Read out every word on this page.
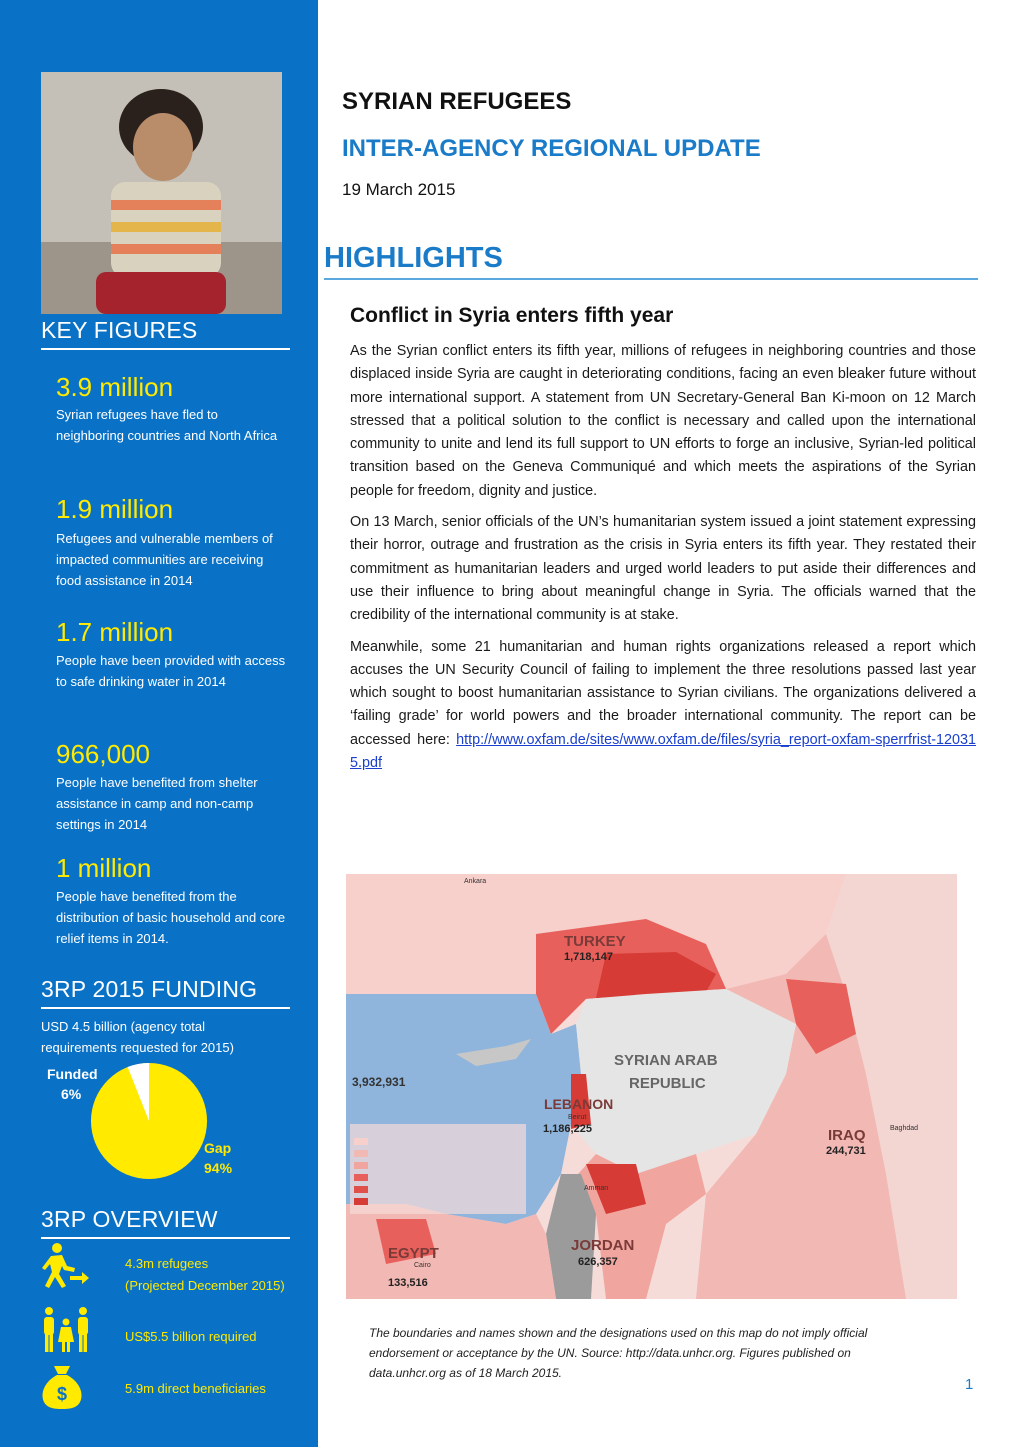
KEY FIGURES
3.9 million
Syrian refugees have fled to neighboring countries and North Africa
1.9 million
Refugees and vulnerable members of impacted communities are receiving food assistance in 2014
1.7 million
People have been provided with access to safe drinking water in 2014
966,000
People have benefited from shelter assistance in camp and non-camp settings in 2014
1 million
People have benefited from the distribution of basic household and core relief items in 2014.
3RP 2015 FUNDING
USD 4.5 billion (agency total requirements requested for 2015)
Funded
6%
Gap
94%
3RP OVERVIEW
4.3m refugees
(Projected December 2015)
US$5.5 billion required
$	5.9m direct beneficiaries
SYRIAN REFUGEES
INTER-AGENCY REGIONAL UPDATE
19 March 2015
HIGHLIGHTS
Conflict in Syria enters fifth year

As the Syrian conflict enters its fifth year, millions of refugees in neighboring countries and those displaced inside Syria are caught in deteriorating conditions, facing an even bleaker future without more international support. A statement from UN Secretary-General Ban Ki-moon on 12 March stressed that a political solution to the conflict is necessary and called upon the international community to unite and lend its full support to UN efforts to forge an inclusive, Syrian-led political transition based on the Geneva Communiqué and which meets the aspirations of the Syrian people for freedom, dignity and justice.

On 13 March, senior officials of the UN’s humanitarian system issued a joint statement expressing their horror, outrage and frustration as the crisis in Syria enters its fifth year. They restated their commitment as humanitarian leaders and urged world leaders to put aside their differences and use their influence to bring about meaningful change in Syria. The officials warned that the credibility of the international community is at stake.

Meanwhile, some 21 humanitarian and human rights organizations released a report which accuses the UN Security Council of failing to implement the three resolutions passed last year which sought to boost humanitarian assistance to Syrian civilians. The organizations delivered a ‘failing grade’ for world powers and the broader international community. The report can be accessed here: http://www.oxfam.de/sites/www.oxfam.de/files/syria_report-oxfam-sperrfrist-120315.pdf

TURKEY
1,718,147
SYRIAN ARAB
REPUBLIC
LEBANON
1,186,225	IRAQ
244,731
JORDAN
626,357
EGYPT
133,516
3,932,931
Ankara
Beirut
Amman
Cairo
Baghdad
The boundaries and names shown and the designations used on this map do not imply official endorsement or acceptance by the UN. Source: http://data.unhcr.org. Figures published on data.unhcr.org as of 18 March 2015.
1
